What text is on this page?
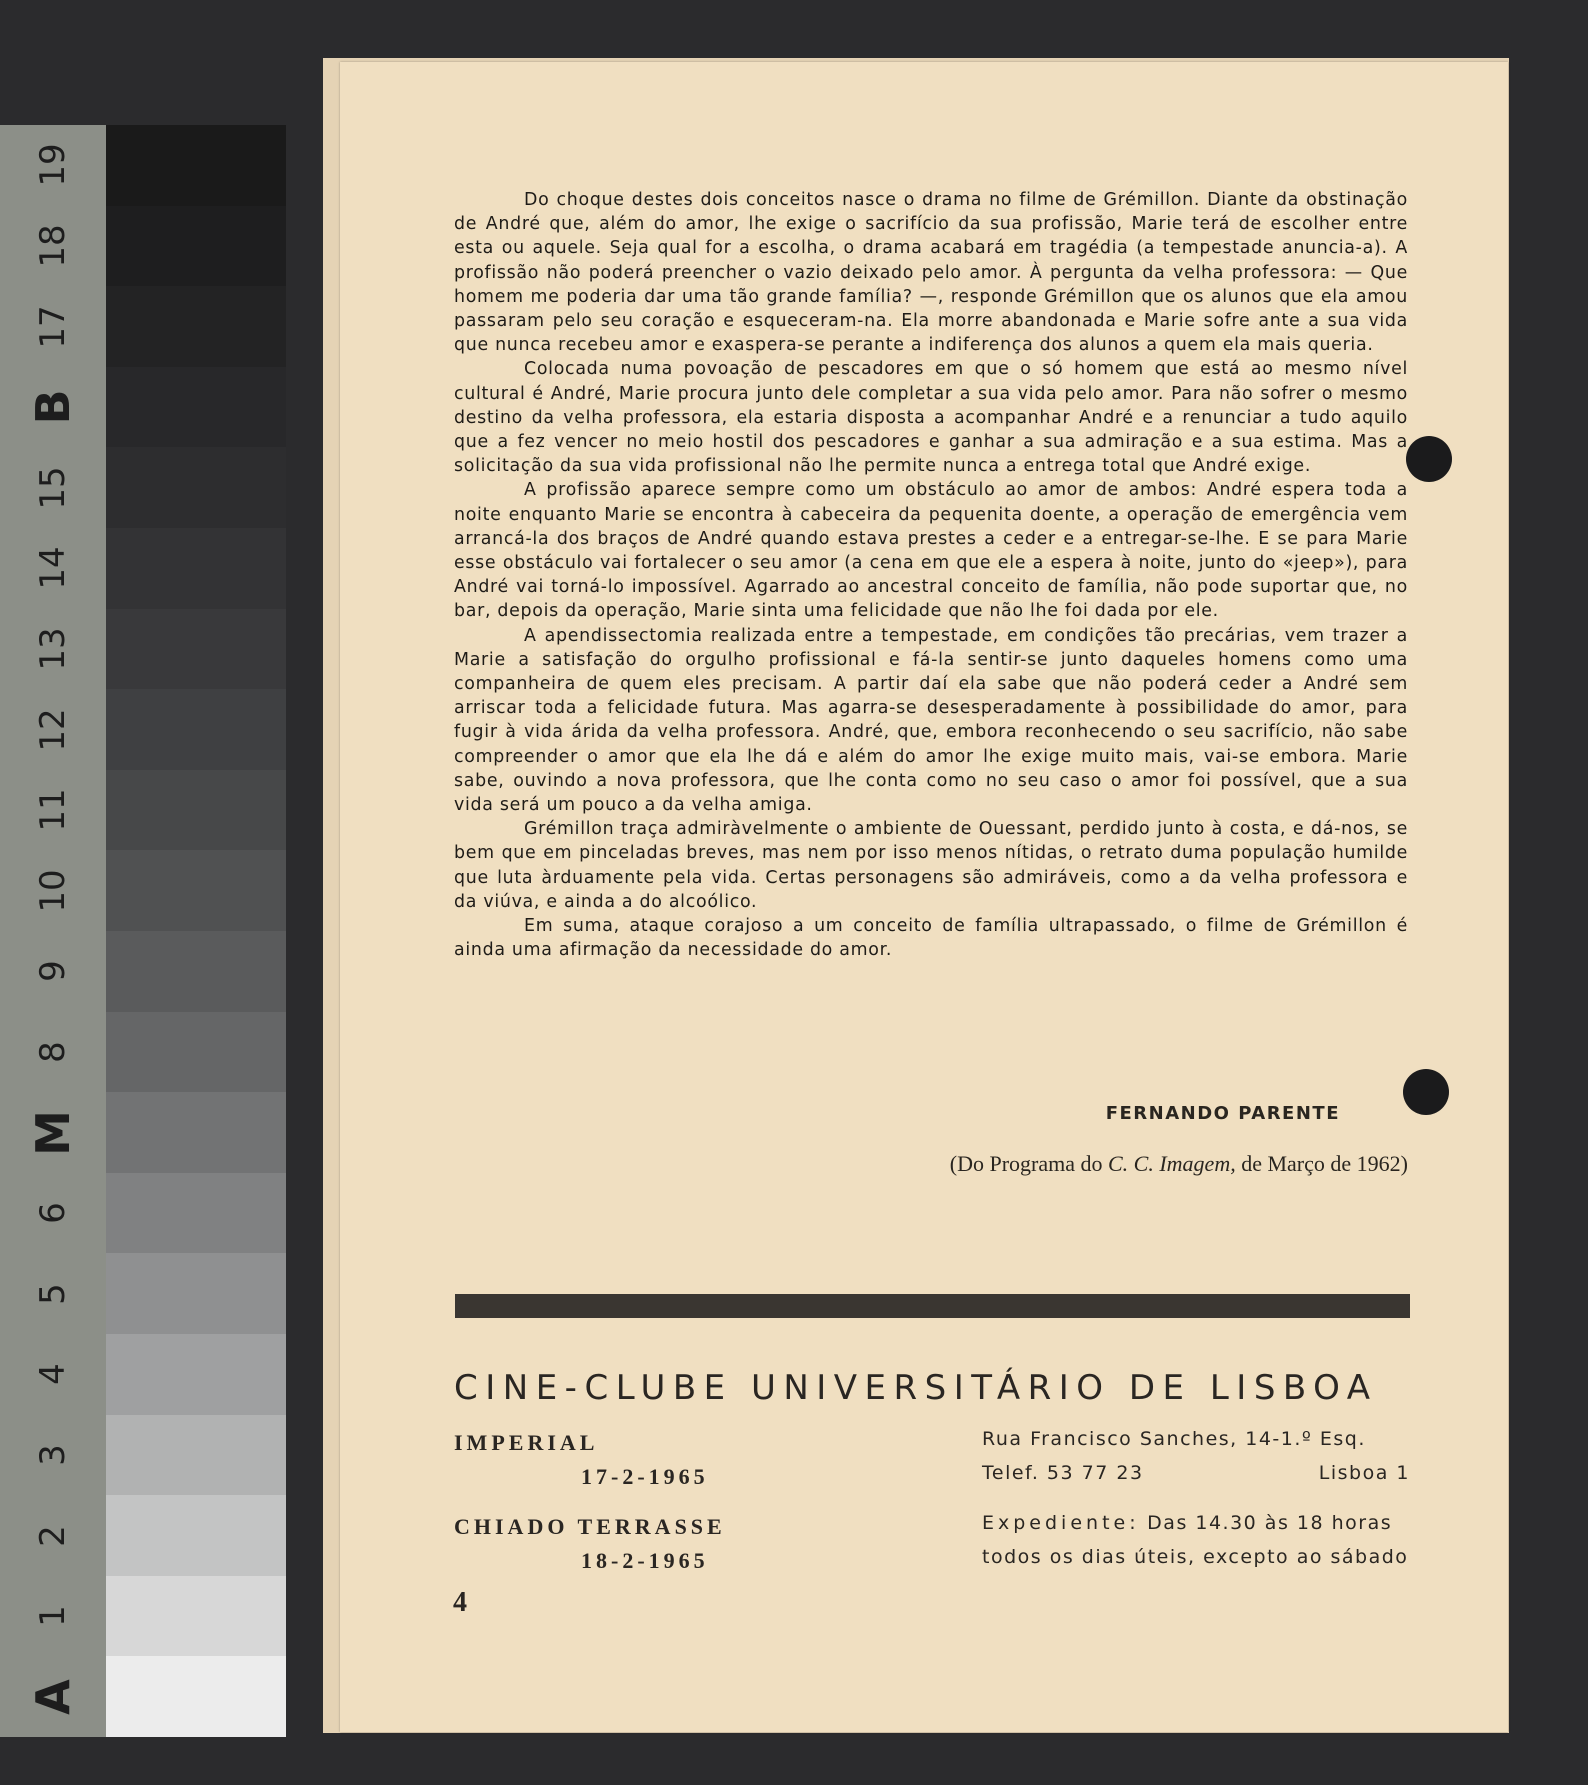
19
18
17
B
15
14
13
12
11
10
9
8
M
6
5
4
3
2
1
A

Do choque destes dois conceitos nasce o drama no filme de Grémillon. Diante da obstinação de André que, além do amor, lhe exige o sacrifício da sua profissão, Marie terá de escolher entre esta ou aquele. Seja qual for a escolha, o drama acabará em tragédia (a tempestade anuncia-a). A profissão não poderá preencher o vazio deixado pelo amor. À pergunta da velha professora: — Que homem me poderia dar uma tão grande família? —, responde Grémillon que os alunos que ela amou passaram pelo seu coração e esqueceram-na. Ela morre abandonada e Marie sofre ante a sua vida que nunca recebeu amor e exaspera-se perante a indiferença dos alunos a quem ela mais queria.

Colocada numa povoação de pescadores em que o só homem que está ao mesmo nível cultural é André, Marie procura junto dele completar a sua vida pelo amor. Para não sofrer o mesmo destino da velha professora, ela estaria disposta a acompanhar André e a renunciar a tudo aquilo que a fez vencer no meio hostil dos pescadores e ganhar a sua admiração e a sua estima. Mas a solicitação da sua vida profissional não lhe permite nunca a entrega total que André exige.

A profissão aparece sempre como um obstáculo ao amor de ambos: André espera toda a noite enquanto Marie se encontra à cabeceira da pequenita doente, a operação de emergência vem arrancá-la dos braços de André quando estava prestes a ceder e a entregar-se-lhe. E se para Marie esse obstáculo vai fortalecer o seu amor (a cena em que ele a espera à noite, junto do «jeep»), para André vai torná-lo impossível. Agarrado ao ancestral conceito de família, não pode suportar que, no bar, depois da operação, Marie sinta uma felicidade que não lhe foi dada por ele.

A apendissectomia realizada entre a tempestade, em condições tão precárias, vem trazer a Marie a satisfação do orgulho profissional e fá-la sentir-se junto daqueles homens como uma companheira de quem eles precisam. A partir daí ela sabe que não poderá ceder a André sem arriscar toda a felicidade futura. Mas agarra-se desesperadamente à possibilidade do amor, para fugir à vida árida da velha professora. André, que, embora reconhecendo o seu sacrifício, não sabe compreender o amor que ela lhe dá e além do amor lhe exige muito mais, vai-se embora. Marie sabe, ouvindo a nova professora, que lhe conta como no seu caso o amor foi possível, que a sua vida será um pouco a da velha amiga.

Grémillon traça admiràvelmente o ambiente de Ouessant, perdido junto à costa, e dá-nos, se bem que em pinceladas breves, mas nem por isso menos nítidas, o retrato duma população humilde que luta àrduamente pela vida. Certas personagens são admiráveis, como a da velha professora e da viúva, e ainda a do alcoólico.

Em suma, ataque corajoso a um conceito de família ultrapassado, o filme de Grémillon é ainda uma afirmação da necessidade do amor.

FERNANDO PARENTE
(Do Programa do C. C. Imagem, de Março de 1962)
CINE-CLUBE UNIVERSITÁRIO DE LISBOA
IMPERIAL
17-2-1965
CHIADO TERRASSE
18-2-1965
Rua Francisco Sanches, 14-1.º Esq.
Telef. 53 77 23	Lisboa 1
Expediente: Das 14.30 às 18 horas
todos os dias úteis, excepto ao sábado
4
